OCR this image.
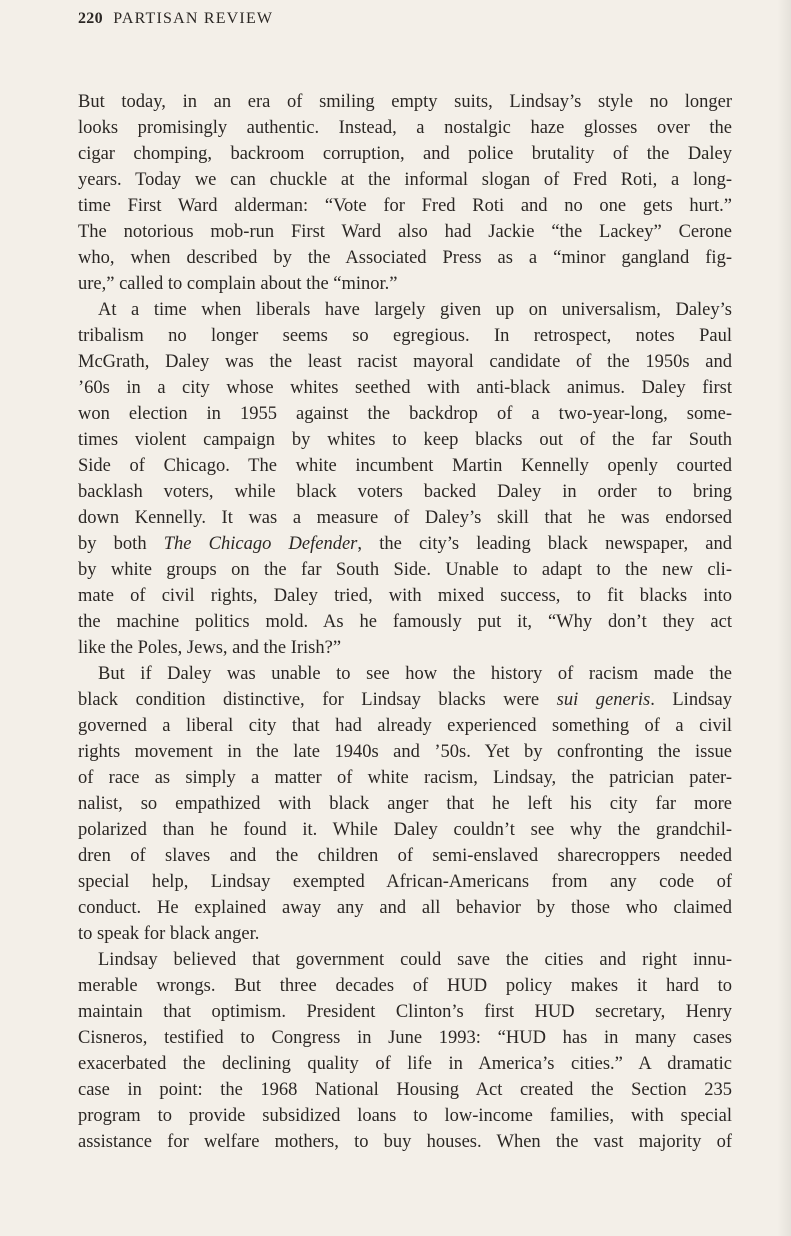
220 PARTISAN REVIEW
But today, in an era of smiling empty suits, Lindsay’s style no longer
looks promisingly authentic. Instead, a nostalgic haze glosses over the
cigar chomping, backroom corruption, and police brutality of the Daley
years. Today we can chuckle at the informal slogan of Fred Roti, a long-
time First Ward alderman: “Vote for Fred Roti and no one gets hurt.”
The notorious mob-run First Ward also had Jackie “the Lackey” Cerone
who, when described by the Associated Press as a “minor gangland fig-
ure,” called to complain about the “minor.”
At a time when liberals have largely given up on universalism, Daley’s
tribalism no longer seems so egregious. In retrospect, notes Paul
McGrath, Daley was the least racist mayoral candidate of the 1950s and
’60s in a city whose whites seethed with anti-black animus. Daley first
won election in 1955 against the backdrop of a two-year-long, some-
times violent campaign by whites to keep blacks out of the far South
Side of Chicago. The white incumbent Martin Kennelly openly courted
backlash voters, while black voters backed Daley in order to bring
down Kennelly. It was a measure of Daley’s skill that he was endorsed
by both The Chicago Defender, the city’s leading black newspaper, and
by white groups on the far South Side. Unable to adapt to the new cli-
mate of civil rights, Daley tried, with mixed success, to fit blacks into
the machine politics mold. As he famously put it, “Why don’t they act
like the Poles, Jews, and the Irish?”
But if Daley was unable to see how the history of racism made the
black condition distinctive, for Lindsay blacks were sui generis. Lindsay
governed a liberal city that had already experienced something of a civil
rights movement in the late 1940s and ’50s. Yet by confronting the issue
of race as simply a matter of white racism, Lindsay, the patrician pater-
nalist, so empathized with black anger that he left his city far more
polarized than he found it. While Daley couldn’t see why the grandchil-
dren of slaves and the children of semi-enslaved sharecroppers needed
special help, Lindsay exempted African-Americans from any code of
conduct. He explained away any and all behavior by those who claimed
to speak for black anger.
Lindsay believed that government could save the cities and right innu-
merable wrongs. But three decades of HUD policy makes it hard to
maintain that optimism. President Clinton’s first HUD secretary, Henry
Cisneros, testified to Congress in June 1993: “HUD has in many cases
exacerbated the declining quality of life in America’s cities.” A dramatic
case in point: the 1968 National Housing Act created the Section 235
program to provide subsidized loans to low-income families, with special
assistance for welfare mothers, to buy houses. When the vast majority of
